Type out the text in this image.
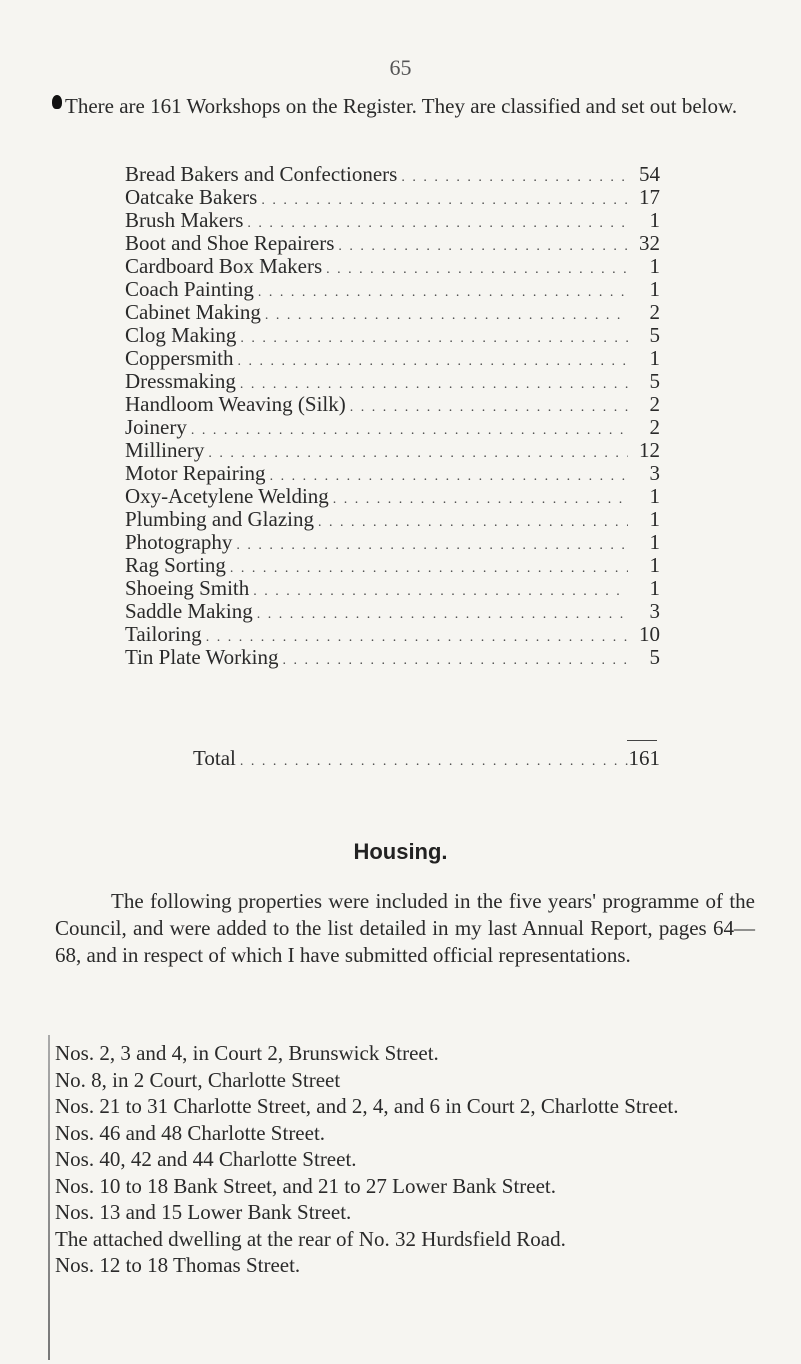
65

There are 161 Workshops on the Register. They are classified and set out below.

Bread Bakers and Confectioners . . .	54
Oatcake Bakers . . .	17
Brush Makers . . .	1
Boot and Shoe Repairers . . .	32
Cardboard Box Makers . . .	1
Coach Painting . . .	1
Cabinet Making . . .	2
Clog Making . . .	5
Coppersmith . . .	1
Dressmaking . . .	5
Handloom Weaving (Silk) . . .	2
Joinery . . .	2
Millinery . . .	12
Motor Repairing . . .	3
Oxy-Acetylene Welding . . .	1
Plumbing and Glazing . . .	1
Photography . . .	1
Rag Sorting . . .	1
Shoeing Smith . . .	1
Saddle Making . . .	3
Tailoring . . .	10
Tin Plate Working . . .	5
Total . . .	161
Housing.

The following properties were included in the five years' programme of the Council, and were added to the list detailed in my last Annual Report, pages 64—68, and in respect of which I have submitted official representations.

Nos. 2, 3 and 4, in Court 2, Brunswick Street.
No. 8, in 2 Court, Charlotte Street
Nos. 21 to 31 Charlotte Street, and 2, 4, and 6 in Court 2, Charlotte Street.
Nos. 46 and 48 Charlotte Street.
Nos. 40, 42 and 44 Charlotte Street.
Nos. 10 to 18 Bank Street, and 21 to 27 Lower Bank Street.
Nos. 13 and 15 Lower Bank Street.
The attached dwelling at the rear of No. 32 Hurdsfield Road.
Nos. 12 to 18 Thomas Street.
